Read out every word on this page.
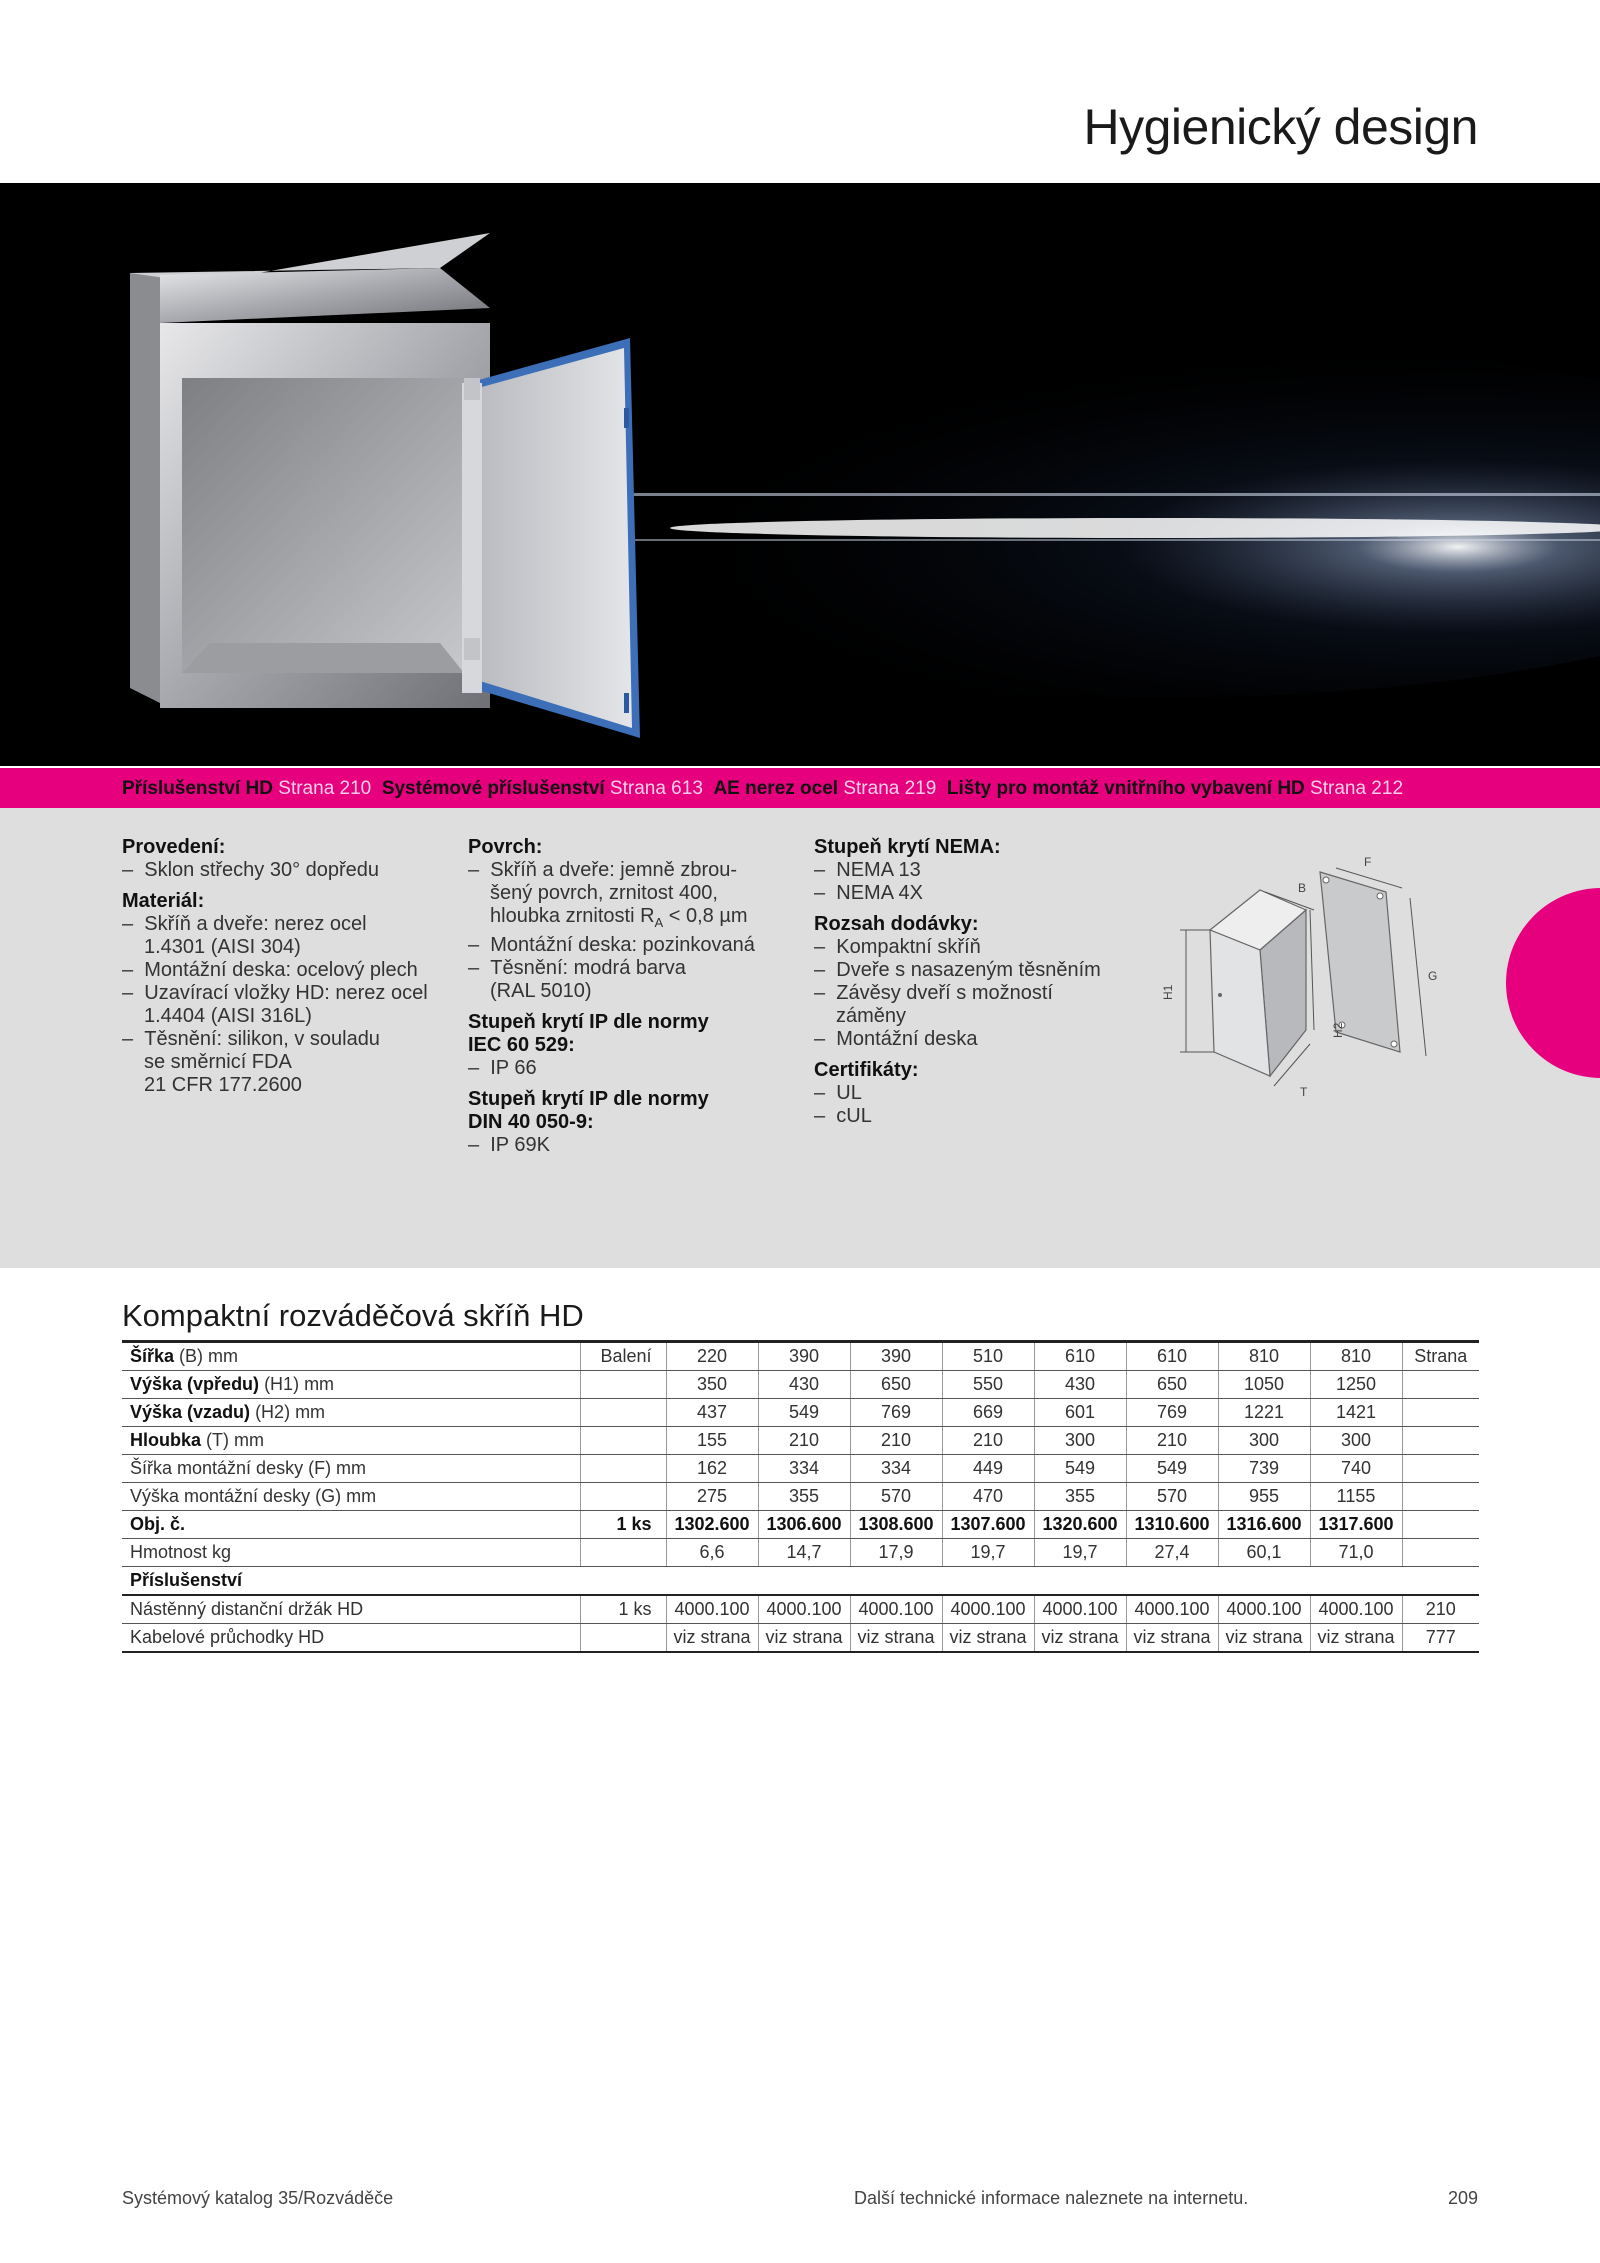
Hygienický design
Příslušenství HD Strana 210 Systémové příslušenství Strana 613 AE nerez ocel Strana 219 Lišty pro montáž vnitřního vybavení HD Strana 212
Provedení:
– Sklon střechy 30° dopředu
Materiál:
– Skříň a dveře: nerez ocel
1.4301 (AISI 304)
– Montážní deska: ocelový plech
– Uzavírací vložky HD: nerez ocel
1.4404 (AISI 316L)
– Těsnění: silikon, v souladu
se směrnicí FDA
21 CFR 177.2600
Povrch:
– Skříň a dveře: jemně zbrou-
šený povrch, zrnitost 400,
hloubka zrnitosti $R_A < 0,8$ µm
– Montážní deska: pozinkovaná
– Těsnění: modrá barva
(RAL 5010)
Stupeň krytí IP dle normy
IEC 60 529:
– IP 66
Stupeň krytí IP dle normy
DIN 40 050-9:
– IP 69K
Stupeň krytí NEMA:
– NEMA 13
– NEMA 4X
Rozsah dodávky:
– Kompaktní skříň
– Dveře s nasazeným těsněním
– Závěsy dveří s možností
záměny
– Montážní deska
Certifikáty:
– UL
– cUL
F
B
G
H1
H2
T
Kompaktní rozváděčová skříň HD
Šířka (B) mm	Balení	220	390	390	510	610	610	810	810	Strana
Výška (vpředu) (H1) mm		350	430	650	550	430	650	1050	1250	
Výška (vzadu) (H2) mm		437	549	769	669	601	769	1221	1421	
Hloubka (T) mm		155	210	210	210	300	210	300	300	
Šířka montážní desky (F) mm		162	334	334	449	549	549	739	740	
Výška montážní desky (G) mm		275	355	570	470	355	570	955	1155	
Obj. č.	1 ks	1302.600	1306.600	1308.600	1307.600	1320.600	1310.600	1316.600	1317.600	
Hmotnost kg		6,6	14,7	17,9	19,7	19,7	27,4	60,1	71,0	
Příslušenství										
Nástěnný distanční držák HD	1 ks	4000.100	4000.100	4000.100	4000.100	4000.100	4000.100	4000.100	4000.100	210
Kabelové průchodky HD		viz strana	viz strana	viz strana	viz strana	viz strana	viz strana	viz strana	viz strana	777
Systémový katalog 35/Rozváděče	Další technické informace naleznete na internetu.	209
